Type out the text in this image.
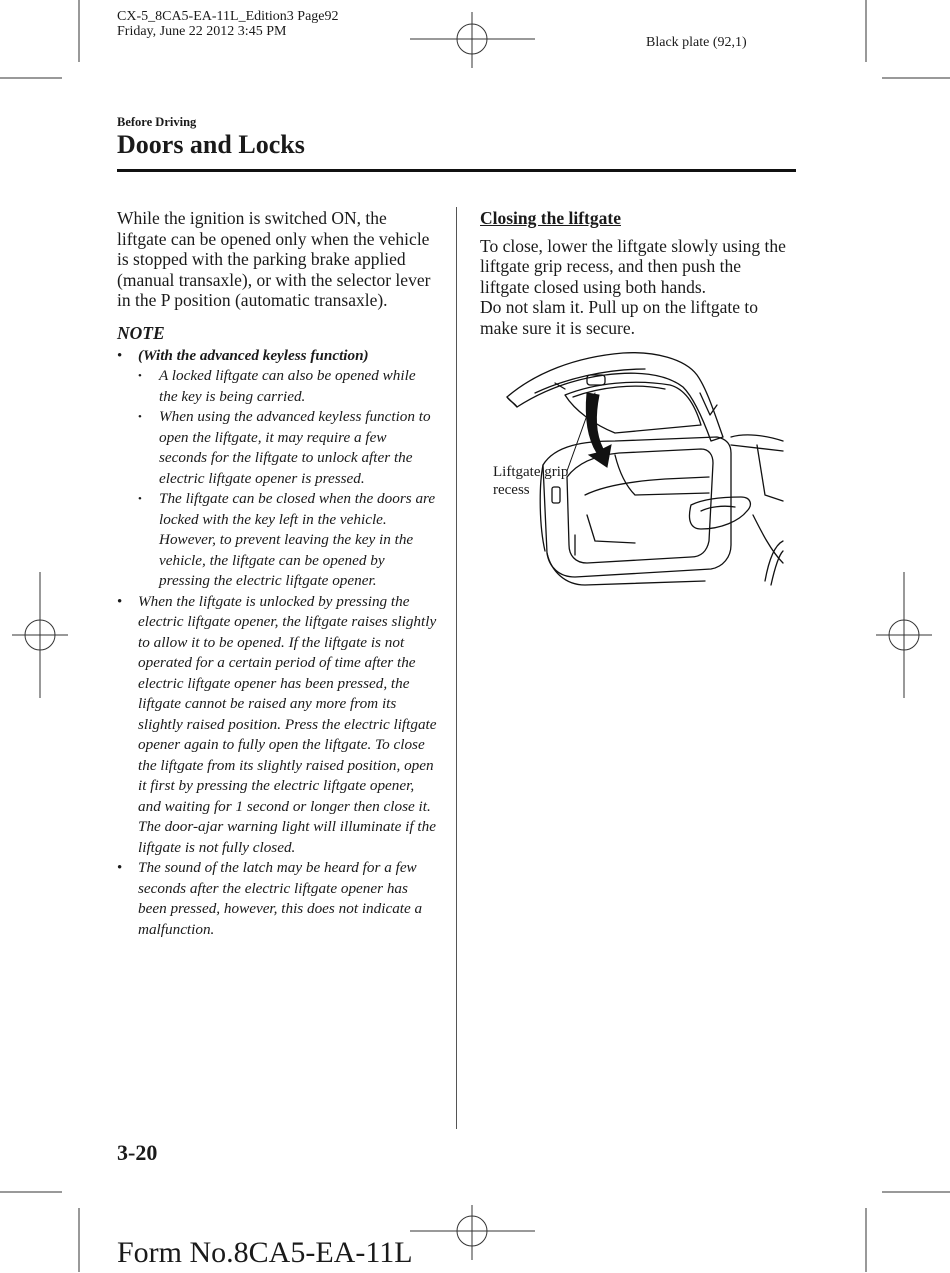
CX-5_8CA5-EA-11L_Edition3 Page92
Friday, June 22 2012 3:45 PM
Black plate (92,1)
Before Driving
Doors and Locks

While the ignition is switched ON, the liftgate can be opened only when the vehicle is stopped with the parking brake applied (manual transaxle), or with the selector lever in the P position (automatic transaxle).

NOTE
• (With the advanced keyless function)
• A locked liftgate can also be opened while the key is being carried.
• When using the advanced keyless function to open the liftgate, it may require a few seconds for the liftgate to unlock after the electric liftgate opener is pressed.
• The liftgate can be closed when the doors are locked with the key left in the vehicle. However, to prevent leaving the key in the vehicle, the liftgate can be opened by pressing the electric liftgate opener.
• When the liftgate is unlocked by pressing the electric liftgate opener, the liftgate raises slightly to allow it to be opened. If the liftgate is not operated for a certain period of time after the electric liftgate opener has been pressed, the liftgate cannot be raised any more from its slightly raised position. Press the electric liftgate opener again to fully open the liftgate. To close the liftgate from its slightly raised position, open it first by pressing the electric liftgate opener, and waiting for 1 second or longer then close it.
The door-ajar warning light will illuminate if the liftgate is not fully closed.
• The sound of the latch may be heard for a few seconds after the electric liftgate opener has been pressed, however, this does not indicate a malfunction.
Closing the liftgate

To close, lower the liftgate slowly using the liftgate grip recess, and then push the liftgate closed using both hands.

Do not slam it. Pull up on the liftgate to make sure it is secure.

Liftgate grip
recess
3-20
Form No.8CA5-EA-11L
